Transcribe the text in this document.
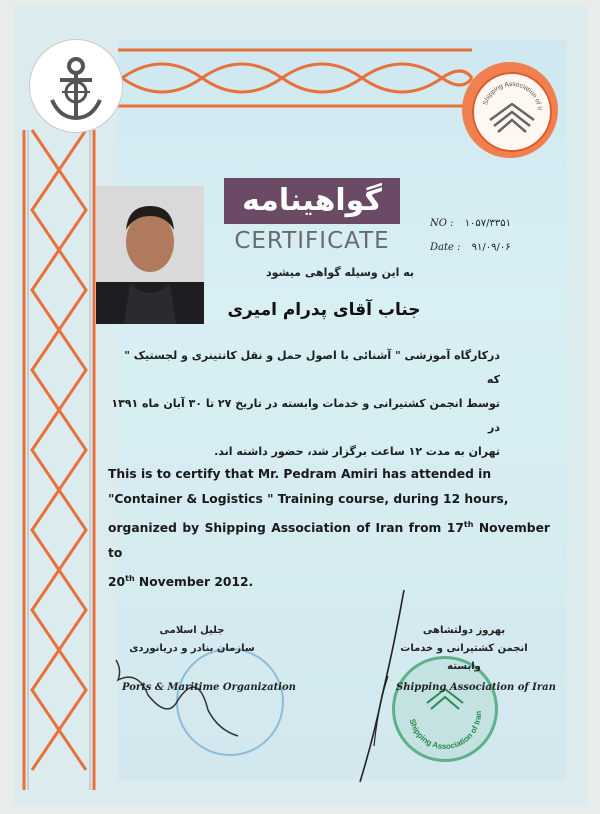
Shipping Association of Ir
گواهینامه
CERTIFICATE
NO : ۱۰۵۷/۳۳۵۱
Date : ۹۱/۰۹/۰۶
به این وسیله گواهی میشود
جناب آقای پدرام امیری
درکارگاه آموزشی " آشنائی با اصول حمل و نقل کانتینری و لجستیک " که
توسط انجمن کشتیرانی و خدمات وابسته در تاریخ ۲۷ تا ۳۰ آبان ماه ۱۳۹۱ در
تهران به مدت ۱۲ ساعت برگزار شد، حضور داشته اند.
This is to certify that Mr. Pedram Amiri has attended in
"Container & Logistics " Training course, during 12 hours,
organized by Shipping Association of Iran from 17th November to
20th November 2012.
Shipping Association of Iran
جلیل اسلامی
سازمان بنادر و دریانوردی
Ports & Maritime Organization
بهروز دولتشاهی
انجمن کشتیرانی و خدمات وابسته
Shipping Association of Iran
